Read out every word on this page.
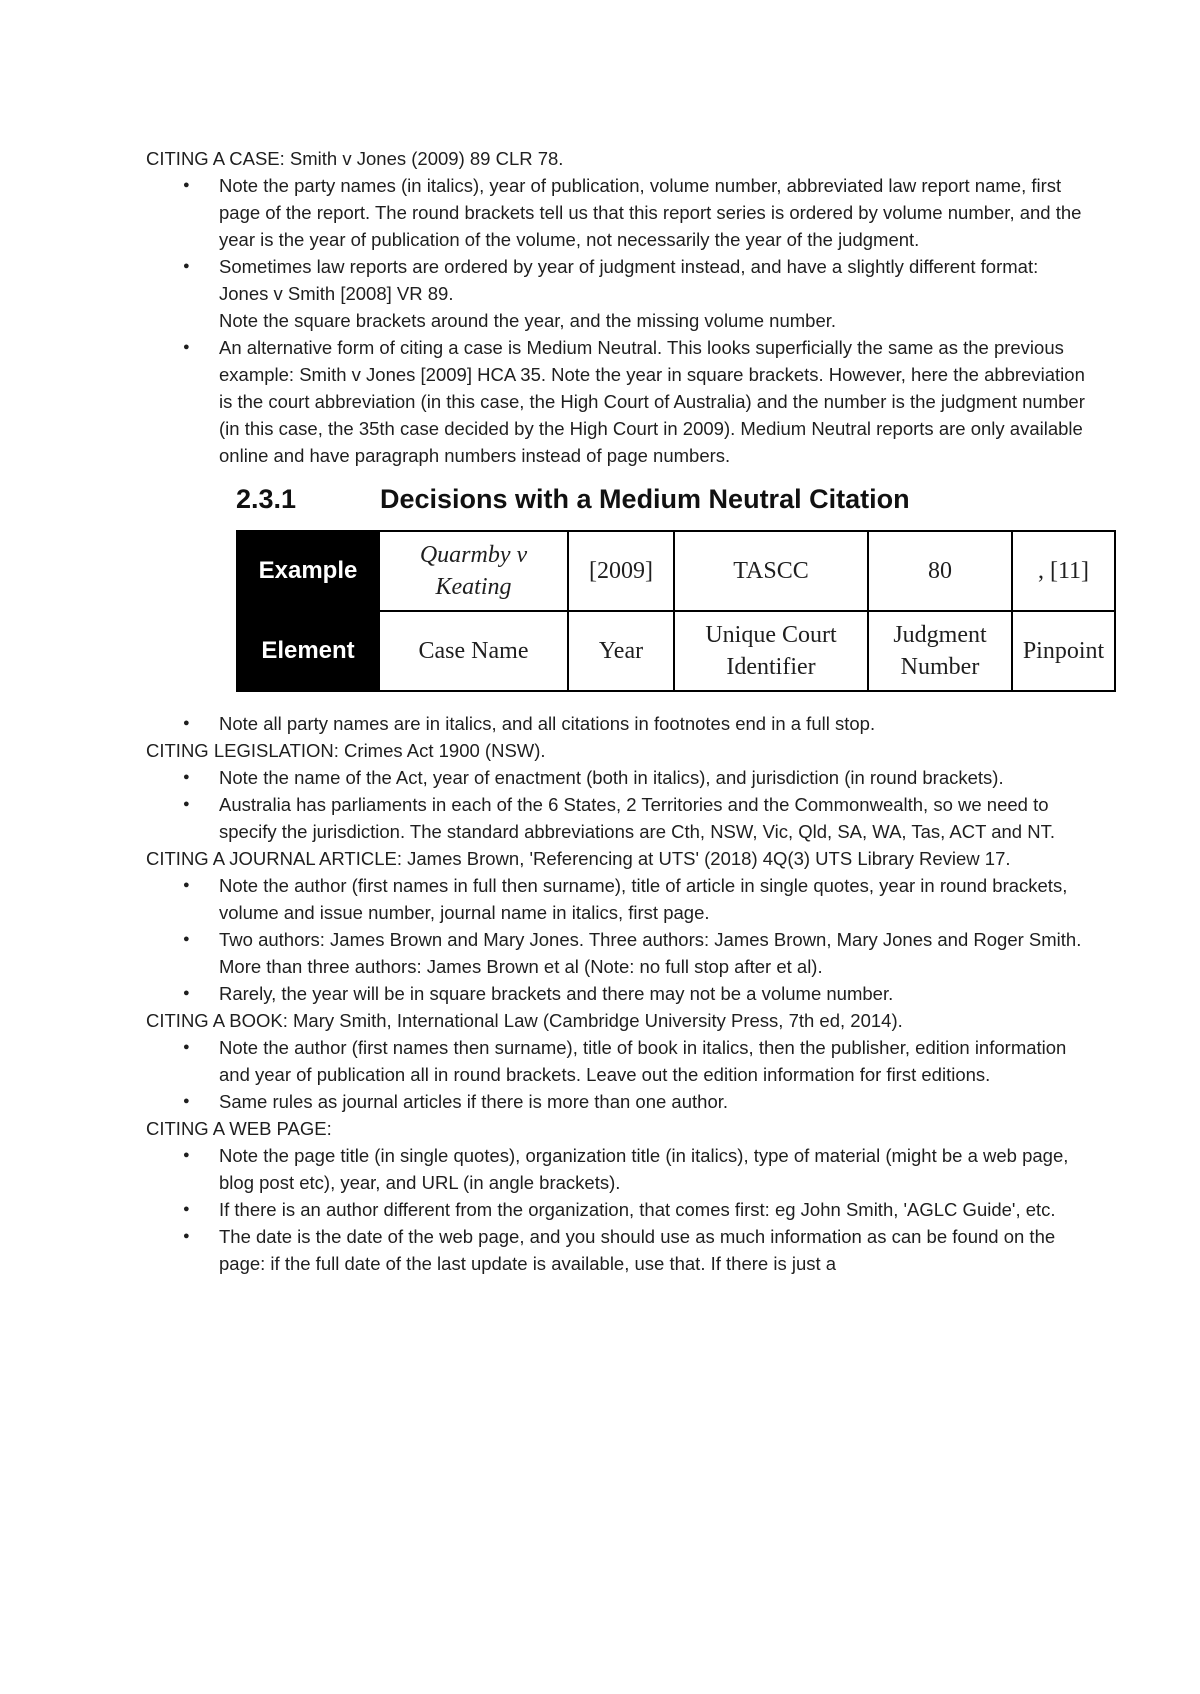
CITING A CASE: Smith v Jones (2009) 89 CLR 78.

● Note the party names (in italics), year of publication, volume number, abbreviated law report name, first page of the report. The round brackets tell us that this report series is ordered by volume number, and the year is the year of publication of the volume, not necessarily the year of the judgment.
● Sometimes law reports are ordered by year of judgment instead, and have a slightly different format:
Jones v Smith [2008] VR 89.
Note the square brackets around the year, and the missing volume number.
● An alternative form of citing a case is Medium Neutral. This looks superficially the same as the previous example: Smith v Jones [2009] HCA 35. Note the year in square brackets. However, here the abbreviation is the court abbreviation (in this case, the High Court of Australia) and the number is the judgment number (in this case, the 35th case decided by the High Court in 2009). Medium Neutral reports are only available online and have paragraph numbers instead of page numbers.
2.3.1	Decisions with a Medium Neutral Citation
Example	Quarmby v Keating	[2009]	TASCC	80	, [11]
Element	Case Name	Year	Unique Court Identifier	Judgment Number	Pinpoint
● Note all party names are in italics, and all citations in footnotes end in a full stop.

CITING LEGISLATION: Crimes Act 1900 (NSW).

● Note the name of the Act, year of enactment (both in italics), and jurisdiction (in round brackets).
● Australia has parliaments in each of the 6 States, 2 Territories and the Commonwealth, so we need to specify the jurisdiction. The standard abbreviations are Cth, NSW, Vic, Qld, SA, WA, Tas, ACT and NT.

CITING A JOURNAL ARTICLE: James Brown, 'Referencing at UTS' (2018) 4Q(3) UTS Library Review 17.

● Note the author (first names in full then surname), title of article in single quotes, year in round brackets, volume and issue number, journal name in italics, first page.
● Two authors: James Brown and Mary Jones. Three authors: James Brown, Mary Jones and Roger Smith.
More than three authors: James Brown et al (Note: no full stop after et al).
● Rarely, the year will be in square brackets and there may not be a volume number.

CITING A BOOK: Mary Smith, International Law (Cambridge University Press, 7th ed, 2014).

● Note the author (first names then surname), title of book in italics, then the publisher, edition information and year of publication all in round brackets. Leave out the edition information for first editions.
● Same rules as journal articles if there is more than one author.

CITING A WEB PAGE:

● Note the page title (in single quotes), organization title (in italics), type of material (might be a web page, blog post etc), year, and URL (in angle brackets).
● If there is an author different from the organization, that comes first: eg John Smith, 'AGLC Guide', etc.
● The date is the date of the web page, and you should use as much information as can be found on the page: if the full date of the last update is available, use that. If there is just a
